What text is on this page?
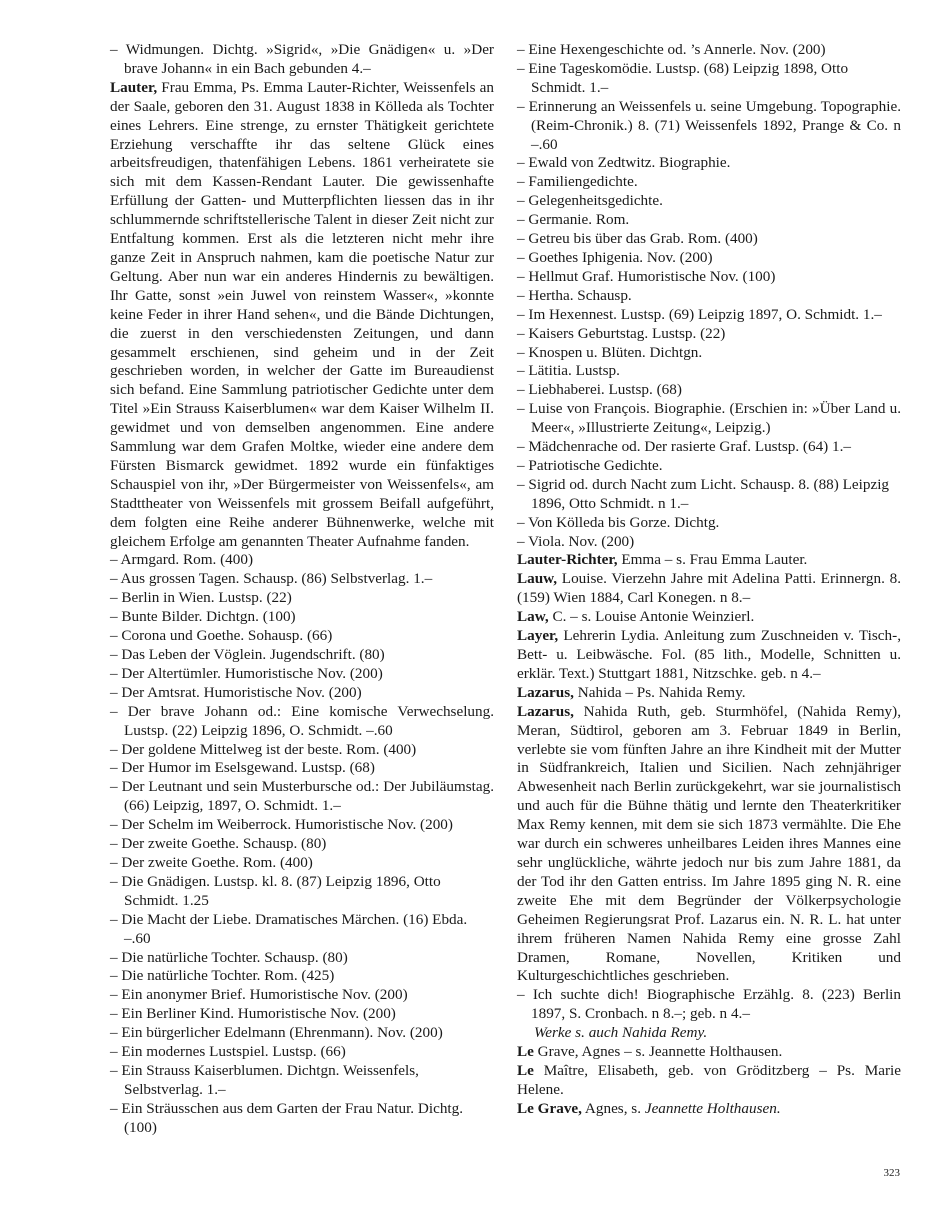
– Widmungen. Dichtg. »Sigrid«, »Die Gnädigen« u. »Der brave Johann« in ein Bach gebunden 4.–
Lauter, Frau Emma, Ps. Emma Lauter-Richter, Weissenfels an der Saale, geboren den 31. August 1838 in Kölleda als Tochter eines Lehrers. Eine strenge, zu ernster Thätigkeit gerichtete Erziehung verschaffte ihr das seltene Glück eines arbeitsfreudigen, thatenfähigen Lebens. 1861 verheiratete sie sich mit dem Kassen-Rendant Lauter. Die gewissenhafte Erfüllung der Gatten- und Mutterpflichten liessen das in ihr schlummernde schriftstellerische Talent in dieser Zeit nicht zur Entfaltung kommen. Erst als die letzteren nicht mehr ihre ganze Zeit in Anspruch nahmen, kam die poetische Natur zur Geltung. Aber nun war ein anderes Hindernis zu bewältigen. Ihr Gatte, sonst »ein Juwel von reinstem Wasser«, »konnte keine Feder in ihrer Hand sehen«, und die Bände Dichtungen, die zuerst in den verschiedensten Zeitungen, und dann gesammelt erschienen, sind geheim und in der Zeit geschrieben worden, in welcher der Gatte im Bureaudienst sich befand. Eine Sammlung patriotischer Gedichte unter dem Titel »Ein Strauss Kaiserblumen« war dem Kaiser Wilhelm II. gewidmet und von demselben angenommen. Eine andere Sammlung war dem Grafen Moltke, wieder eine andere dem Fürsten Bismarck gewidmet. 1892 wurde ein fünfaktiges Schauspiel von ihr, »Der Bürgermeister von Weissenfels«, am Stadttheater von Weissenfels mit grossem Beifall aufgeführt, dem folgten eine Reihe anderer Bühnenwerke, welche mit gleichem Erfolge am genannten Theater Aufnahme fanden.
– Armgard. Rom. (400)
– Aus grossen Tagen. Schausp. (86) Selbstverlag. 1.–
– Berlin in Wien. Lustsp. (22)
– Bunte Bilder. Dichtgn. (100)
– Corona und Goethe. Sohausp. (66)
– Das Leben der Vöglein. Jugendschrift. (80)
– Der Altertümler. Humoristische Nov. (200)
– Der Amtsrat. Humoristische Nov. (200)
– Der brave Johann od.: Eine komische Verwechselung. Lustsp. (22) Leipzig 1896, O. Schmidt. –.60
– Der goldene Mittelweg ist der beste. Rom. (400)
– Der Humor im Eselsgewand. Lustsp. (68)
– Der Leutnant und sein Musterbursche od.: Der Jubiläumstag. (66) Leipzig, 1897, O. Schmidt. 1.–
– Der Schelm im Weiberrock. Humoristische Nov. (200)
– Der zweite Goethe. Schausp. (80)
– Der zweite Goethe. Rom. (400)
– Die Gnädigen. Lustsp. kl. 8. (87) Leipzig 1896, Otto Schmidt. 1.25
– Die Macht der Liebe. Dramatisches Märchen. (16) Ebda. –.60
– Die natürliche Tochter. Schausp. (80)
– Die natürliche Tochter. Rom. (425)
– Ein anonymer Brief. Humoristische Nov. (200)
– Ein Berliner Kind. Humoristische Nov. (200)
– Ein bürgerlicher Edelmann (Ehrenmann). Nov. (200)
– Ein modernes Lustspiel. Lustsp. (66)
– Ein Strauss Kaiserblumen. Dichtgn. Weissenfels, Selbstverlag. 1.–
– Ein Sträusschen aus dem Garten der Frau Natur. Dichtg. (100)
– Eine Hexengeschichte od. ’s Annerle. Nov. (200)
– Eine Tageskomödie. Lustsp. (68) Leipzig 1898, Otto Schmidt. 1.–
– Erinnerung an Weissenfels u. seine Umgebung. Topographie. (Reim-Chronik.) 8. (71) Weissenfels 1892, Prange & Co. n –.60
– Ewald von Zedtwitz. Biographie.
– Familiengedichte.
– Gelegenheitsgedichte.
– Germanie. Rom.
– Getreu bis über das Grab. Rom. (400)
– Goethes Iphigenia. Nov. (200)
– Hellmut Graf. Humoristische Nov. (100)
– Hertha. Schausp.
– Im Hexennest. Lustsp. (69) Leipzig 1897, O. Schmidt. 1.–
– Kaisers Geburtstag. Lustsp. (22)
– Knospen u. Blüten. Dichtgn.
– Lätitia. Lustsp.
– Liebhaberei. Lustsp. (68)
– Luise von François. Biographie. (Erschien in: »Über Land u. Meer«, »Illustrierte Zeitung«, Leipzig.)
– Mädchenrache od. Der rasierte Graf. Lustsp. (64) 1.–
– Patriotische Gedichte.
– Sigrid od. durch Nacht zum Licht. Schausp. 8. (88) Leipzig 1896, Otto Schmidt. n 1.–
– Von Kölleda bis Gorze. Dichtg.
– Viola. Nov. (200)
Lauter-Richter, Emma – s. Frau Emma Lauter.
Lauw, Louise. Vierzehn Jahre mit Adelina Patti. Erinnergn. 8. (159) Wien 1884, Carl Konegen. n 8.–
Law, C. – s. Louise Antonie Weinzierl.
Layer, Lehrerin Lydia. Anleitung zum Zuschneiden v. Tisch-, Bett- u. Leibwäsche. Fol. (85 lith., Modelle, Schnitten u. erklär. Text.) Stuttgart 1881, Nitzschke. geb. n 4.–
Lazarus, Nahida – Ps. Nahida Remy.
Lazarus, Nahida Ruth, geb. Sturmhöfel, (Nahida Remy), Meran, Südtirol, geboren am 3. Februar 1849 in Berlin, verlebte sie vom fünften Jahre an ihre Kindheit mit der Mutter in Südfrankreich, Italien und Sicilien. Nach zehnjähriger Abwesenheit nach Berlin zurückgekehrt, war sie journalistisch und auch für die Bühne thätig und lernte den Theaterkritiker Max Remy kennen, mit dem sie sich 1873 vermählte. Die Ehe war durch ein schweres unheilbares Leiden ihres Mannes eine sehr unglückliche, währte jedoch nur bis zum Jahre 1881, da der Tod ihr den Gatten entriss. Im Jahre 1895 ging N. R. eine zweite Ehe mit dem Begründer der Völkerpsychologie Geheimen Regierungsrat Prof. Lazarus ein. N. R. L. hat unter ihrem früheren Namen Nahida Remy eine grosse Zahl Dramen, Romane, Novellen, Kritiken und Kulturgeschichtliches geschrieben.
– Ich suchte dich! Biographische Erzählg. 8. (223) Berlin 1897, S. Cronbach. n 8.–; geb. n 4.–
Werke s. auch Nahida Remy.
Le Grave, Agnes – s. Jeannette Holthausen.
Le Maître, Elisabeth, geb. von Gröditzberg – Ps. Marie Helene.
Le Grave, Agnes, s. Jeannette Holthausen.
323
